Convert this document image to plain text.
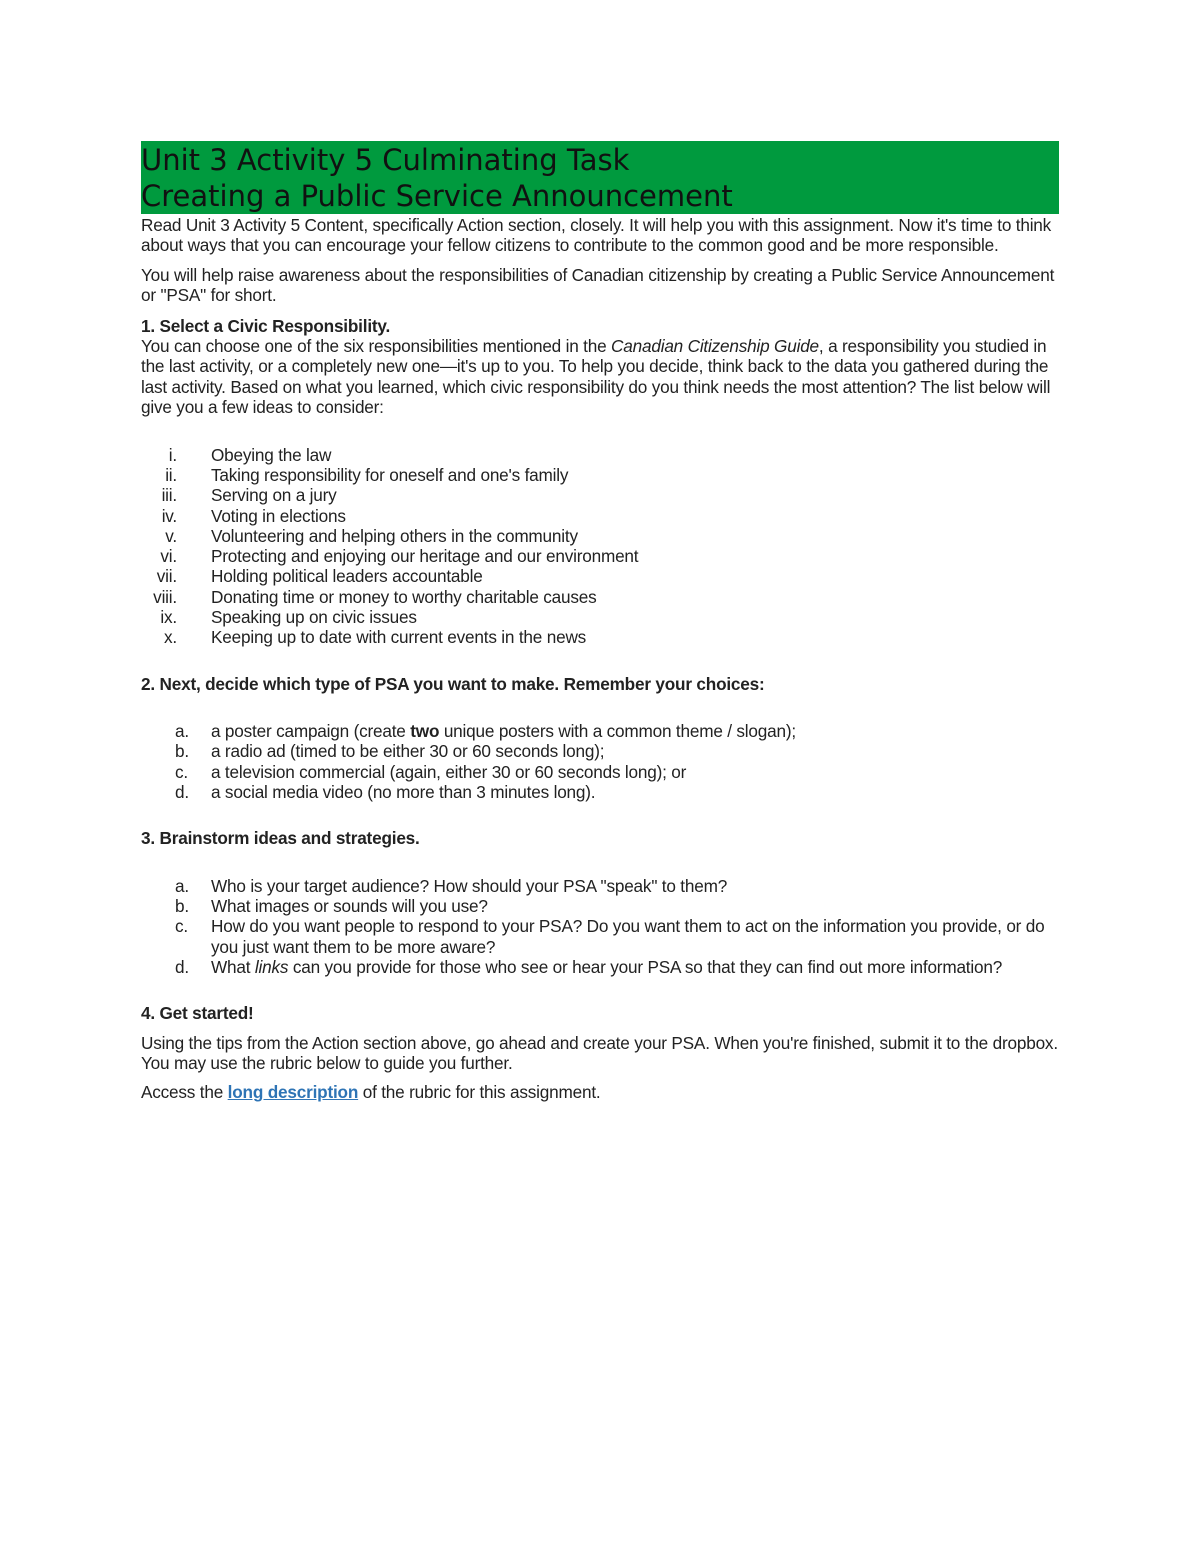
Unit 3 Activity 5 Culminating Task
Creating a Public Service Announcement

Read Unit 3 Activity 5 Content, specifically Action section, closely. It will help you with this assignment. Now it's time to think about ways that you can encourage your fellow citizens to contribute to the common good and be more responsible.

You will help raise awareness about the responsibilities of Canadian citizenship by creating a Public Service Announcement or "PSA" for short.

1. Select a Civic Responsibility.

You can choose one of the six responsibilities mentioned in the Canadian Citizenship Guide, a responsibility you studied in the last activity, or a completely new one—it's up to you. To help you decide, think back to the data you gathered during the last activity. Based on what you learned, which civic responsibility do you think needs the most attention? The list below will give you a few ideas to consider:

i. Obeying the law
ii. Taking responsibility for oneself and one's family
iii. Serving on a jury
iv. Voting in elections
v. Volunteering and helping others in the community
vi. Protecting and enjoying our heritage and our environment
vii. Holding political leaders accountable
viii. Donating time or money to worthy charitable causes
ix. Speaking up on civic issues
x. Keeping up to date with current events in the news
2. Next, decide which type of PSA you want to make. Remember your choices:
a. a poster campaign (create two unique posters with a common theme / slogan);
b. a radio ad (timed to be either 30 or 60 seconds long);
c. a television commercial (again, either 30 or 60 seconds long); or
d. a social media video (no more than 3 minutes long).
3. Brainstorm ideas and strategies.
a. Who is your target audience? How should your PSA "speak" to them?
b. What images or sounds will you use?
c. How do you want people to respond to your PSA? Do you want them to act on the information you provide, or do you just want them to be more aware?
d. What links can you provide for those who see or hear your PSA so that they can find out more information?
4. Get started!

Using the tips from the Action section above, go ahead and create your PSA. When you're finished, submit it to the dropbox. You may use the rubric below to guide you further.

Access the long description of the rubric for this assignment.
